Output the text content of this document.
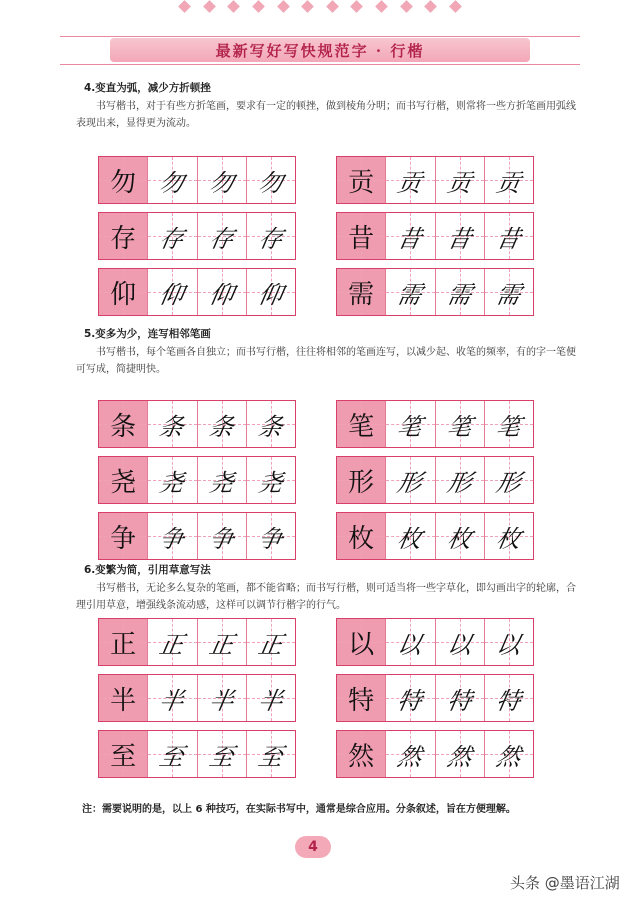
最新写好写快规范字 · 行楷
4.变直为弧，减少方折顿挫

书写楷书，对于有些方折笔画，要求有一定的顿挫，做到棱角分明；而书写行楷，则常将一些方折笔画用弧线表现出来，显得更为流动。

勿 勿 勿 勿
存 存 存 存
仰 仰 仰 仰
贡 贡 贡 贡
昔 昔 昔 昔
需 需 需 需
5.变多为少，连写相邻笔画

书写楷书，每个笔画各自独立；而书写行楷，往往将相邻的笔画连写，以减少起、收笔的频率，有的字一笔便可写成，简捷明快。

条 条 条 条
尧 尧 尧 尧
争 争 争 争
笔 笔 笔 笔
形 形 形 形
枚 枚 枚 枚
6.变繁为简，引用草意写法

书写楷书，无论多么复杂的笔画，都不能省略；而书写行楷，则可适当将一些字草化，即勾画出字的轮廓，合理引用草意，增强线条流动感，这样可以调节行楷字的行气。

正 正 正 正
半 半 半 半
至 至 至 至
以 以 以 以
特 特 特 特
然 然 然 然
注：需要说明的是，以上 6 种技巧，在实际书写中，通常是综合应用。分条叙述，旨在方便理解。
4
头条 @墨语江湖
